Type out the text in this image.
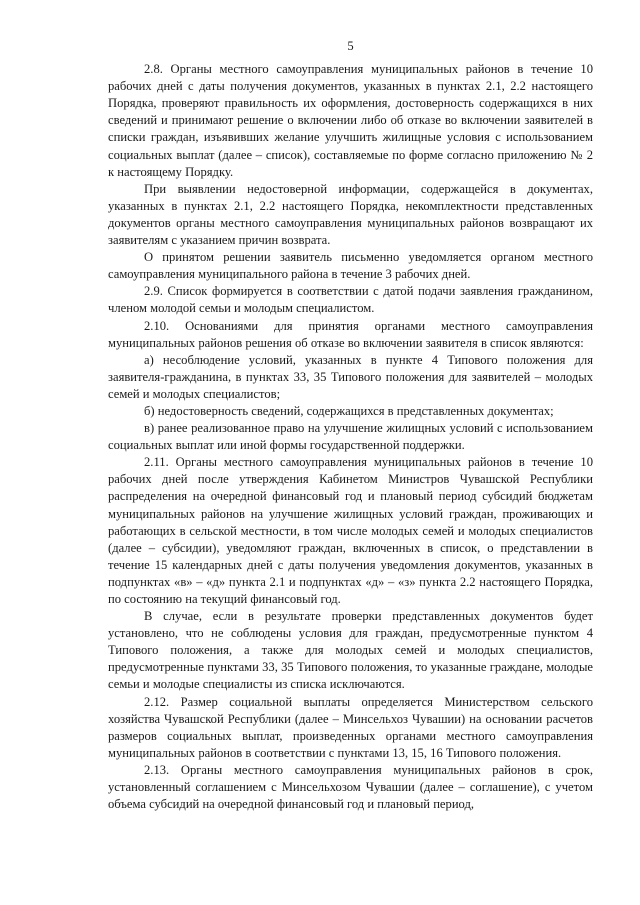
5

2.8. Органы местного самоуправления муниципальных районов в течение 10 рабочих дней с даты получения документов, указанных в пунктах 2.1, 2.2 настоящего Порядка, проверяют правильность их оформления, достоверность содержащихся в них сведений и принимают решение о включении либо об отказе во включении заявителей в списки граждан, изъявивших желание улучшить жилищные условия с использованием социальных выплат (далее – список), составляемые по форме согласно приложению № 2 к настоящему Порядку.

При выявлении недостоверной информации, содержащейся в документах, указанных в пунктах 2.1, 2.2 настоящего Порядка, некомплектности представленных документов органы местного самоуправления муниципальных районов возвращают их заявителям с указанием причин возврата.

О принятом решении заявитель письменно уведомляется органом местного самоуправления муниципального района в течение 3 рабочих дней.

2.9. Список формируется в соответствии с датой подачи заявления гражданином, членом молодой семьи и молодым специалистом.

2.10. Основаниями для принятия органами местного самоуправления муниципальных районов решения об отказе во включении заявителя в список являются:

а) несоблюдение условий, указанных в пункте 4 Типового положения для заявителя-гражданина, в пунктах 33, 35 Типового положения для заявителей – молодых семей и молодых специалистов;

б) недостоверность сведений, содержащихся в представленных документах;

в) ранее реализованное право на улучшение жилищных условий с использованием социальных выплат или иной формы государственной поддержки.

2.11. Органы местного самоуправления муниципальных районов в течение 10 рабочих дней после утверждения Кабинетом Министров Чувашской Республики распределения на очередной финансовый год и плановый период субсидий бюджетам муниципальных районов на улучшение жилищных условий граждан, проживающих и работающих в сельской местности, в том числе молодых семей и молодых специалистов (далее – субсидии), уведомляют граждан, включенных в список, о представлении в течение 15 календарных дней с даты получения уведомления документов, указанных в подпунктах «в» – «д» пункта 2.1 и подпунктах «д» – «з» пункта 2.2 настоящего Порядка, по состоянию на текущий финансовый год.

В случае, если в результате проверки представленных документов будет установлено, что не соблюдены условия для граждан, предусмотренные пунктом 4 Типового положения, а также для молодых семей и молодых специалистов, предусмотренные пунктами 33, 35 Типового положения, то указанные граждане, молодые семьи и молодые специалисты из списка исключаются.

2.12. Размер социальной выплаты определяется Министерством сельского хозяйства Чувашской Республики (далее – Минсельхоз Чувашии) на основании расчетов размеров социальных выплат, произведенных органами местного самоуправления муниципальных районов в соответствии с пунктами 13, 15, 16 Типового положения.

2.13. Органы местного самоуправления муниципальных районов в срок, установленный соглашением с Минсельхозом Чувашии (далее – соглашение), с учетом объема субсидий на очередной финансовый год и плановый период,
